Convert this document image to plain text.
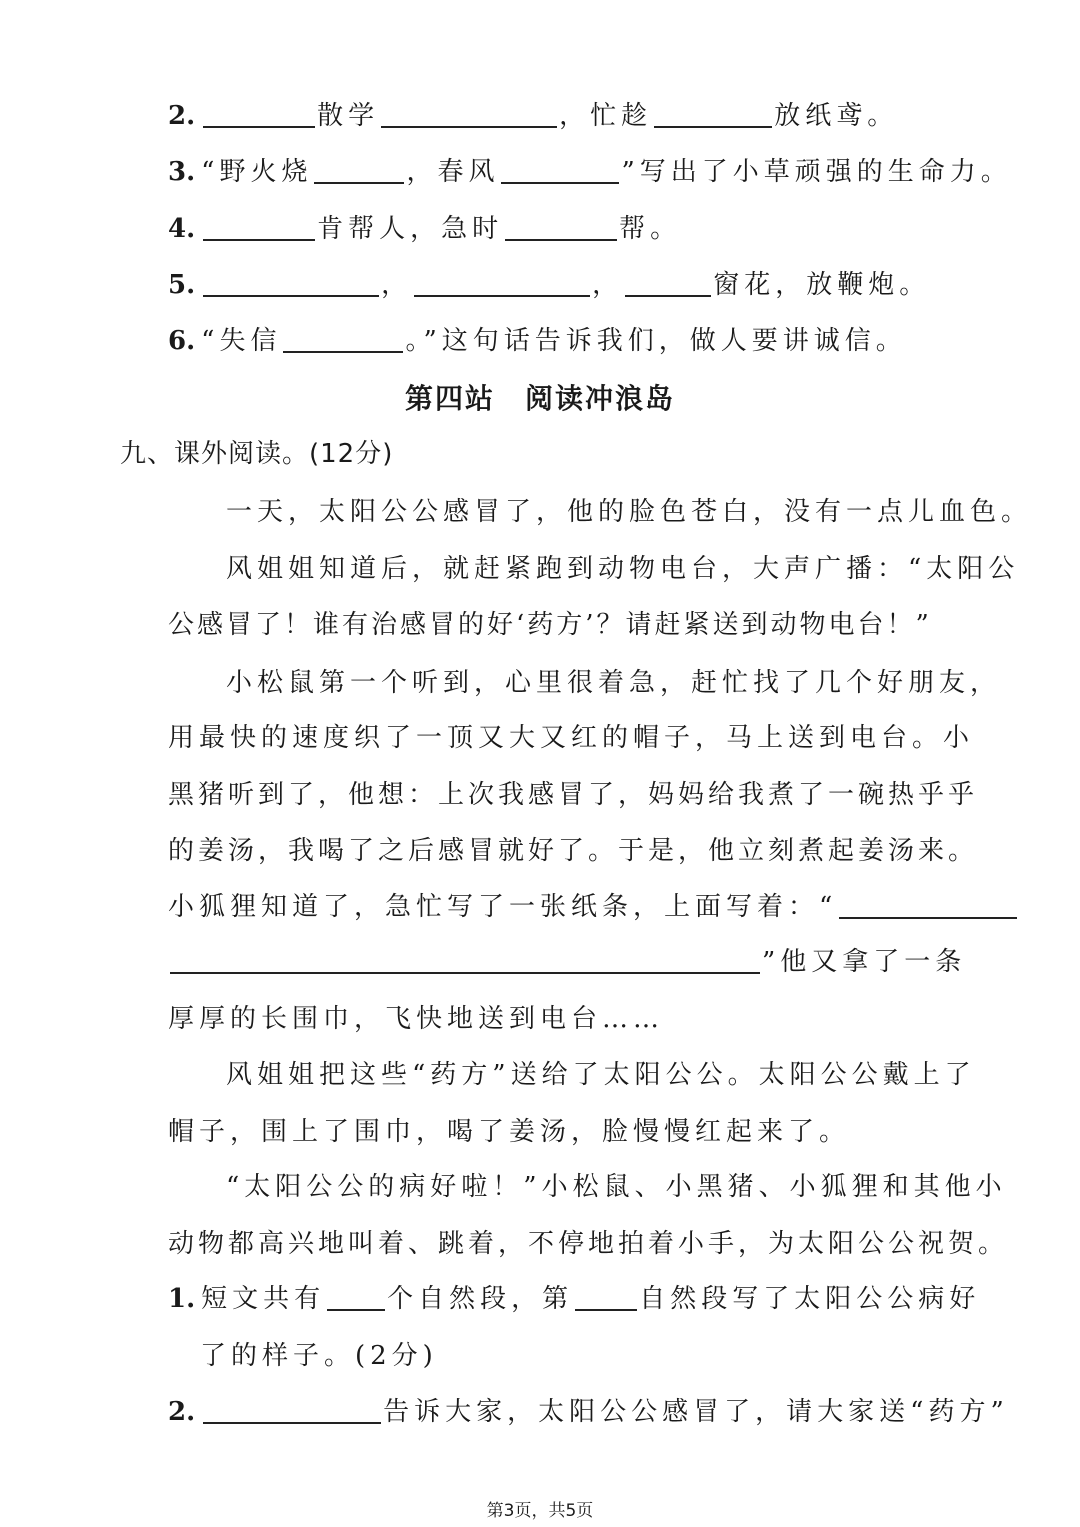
2.	散学	，忙趁	放纸鸢。
3. “野火烧	，春风	”写出了小草顽强的生命力。
4.	肯帮人，急时	帮。
5.	，	，	窗花，放鞭炮。
6. “失信	。”这句话告诉我们，做人要讲诚信。
第四站　阅读冲浪岛
九、课外阅读。(12分)
一天，太阳公公感冒了，他的脸色苍白，没有一点儿血色。
风姐姐知道后，就赶紧跑到动物电台，大声广播：“太阳公
公感冒了！谁有治感冒的好‘药方’？请赶紧送到动物电台！”
小松鼠第一个听到，心里很着急，赶忙找了几个好朋友，
用最快的速度织了一顶又大又红的帽子，马上送到电台。小
黑猪听到了，他想：上次我感冒了，妈妈给我煮了一碗热乎乎
的姜汤，我喝了之后感冒就好了。于是，他立刻煮起姜汤来。
小狐狸知道了，急忙写了一张纸条，上面写着：“
”他又拿了一条
厚厚的长围巾，飞快地送到电台……
风姐姐把这些“药方”送给了太阳公公。太阳公公戴上了
帽子，围上了围巾，喝了姜汤，脸慢慢红起来了。
“太阳公公的病好啦！”小松鼠、小黑猪、小狐狸和其他小
动物都高兴地叫着、跳着，不停地拍着小手，为太阳公公祝贺。
1. 短文共有 个自然段，第	自然段写了太阳公公病好
了的样子。(2分)
2.	告诉大家，太阳公公感冒了，请大家送“药方”
第3页，共5页
